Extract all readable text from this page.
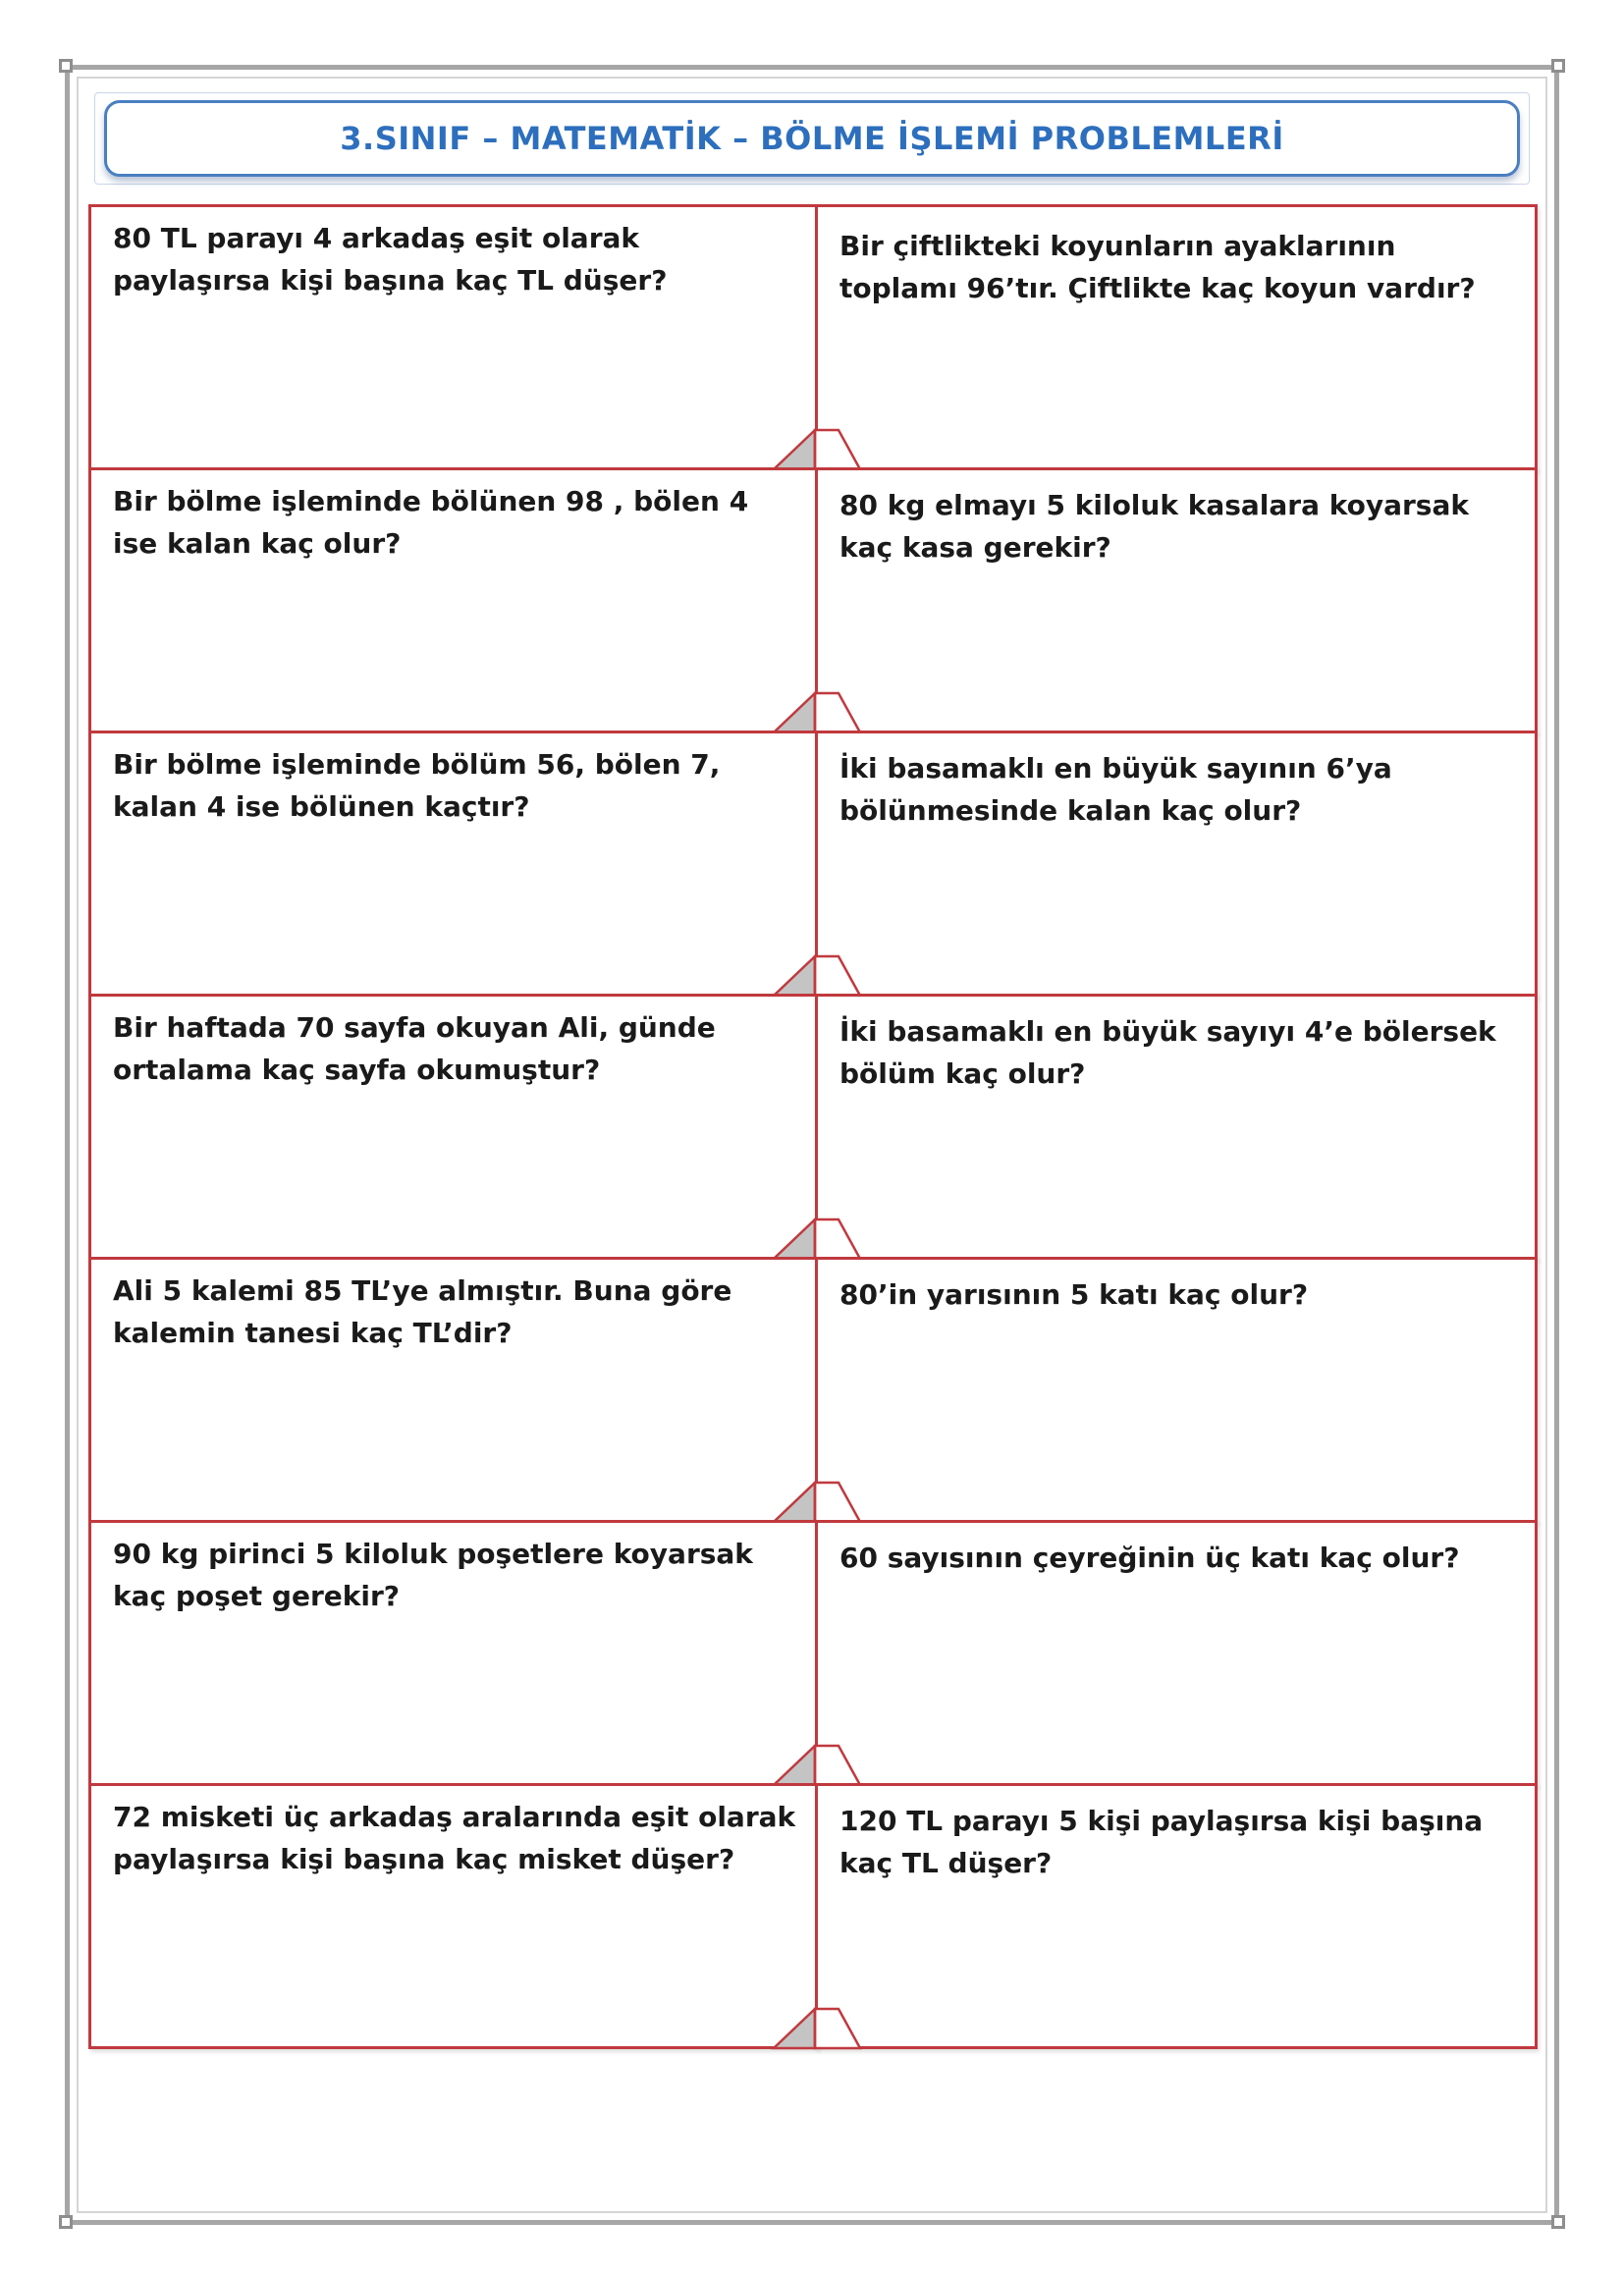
3.SINIF – MATEMATİK – BÖLME İŞLEMİ PROBLEMLERİ

80 TL parayı 4 arkadaş eşit olarak paylaşırsa kişi başına kaç TL düşer?

Bir çiftlikteki koyunların ayaklarının toplamı 96’tır. Çiftlikte kaç koyun vardır?

Bir bölme işleminde bölünen 98 , bölen 4 ise kalan kaç olur?

80 kg elmayı 5 kiloluk kasalara koyarsak kaç kasa gerekir?

Bir bölme işleminde bölüm 56, bölen 7, kalan 4 ise bölünen kaçtır?

İki basamaklı en büyük sayının 6’ya bölünmesinde kalan kaç olur?

Bir haftada 70 sayfa okuyan Ali, günde ortalama kaç sayfa okumuştur?

İki basamaklı en büyük sayıyı 4’e bölersek bölüm kaç olur?

Ali 5 kalemi 85 TL’ye almıştır. Buna göre kalemin tanesi kaç TL’dir?

80’in yarısının 5 katı kaç olur?

90 kg pirinci 5 kiloluk poşetlere koyarsak kaç poşet gerekir?

60 sayısının çeyreğinin üç katı kaç olur?

72 misketi üç arkadaş aralarında eşit olarak paylaşırsa kişi başına kaç misket düşer?

120 TL parayı 5 kişi paylaşırsa kişi başına kaç TL düşer?
